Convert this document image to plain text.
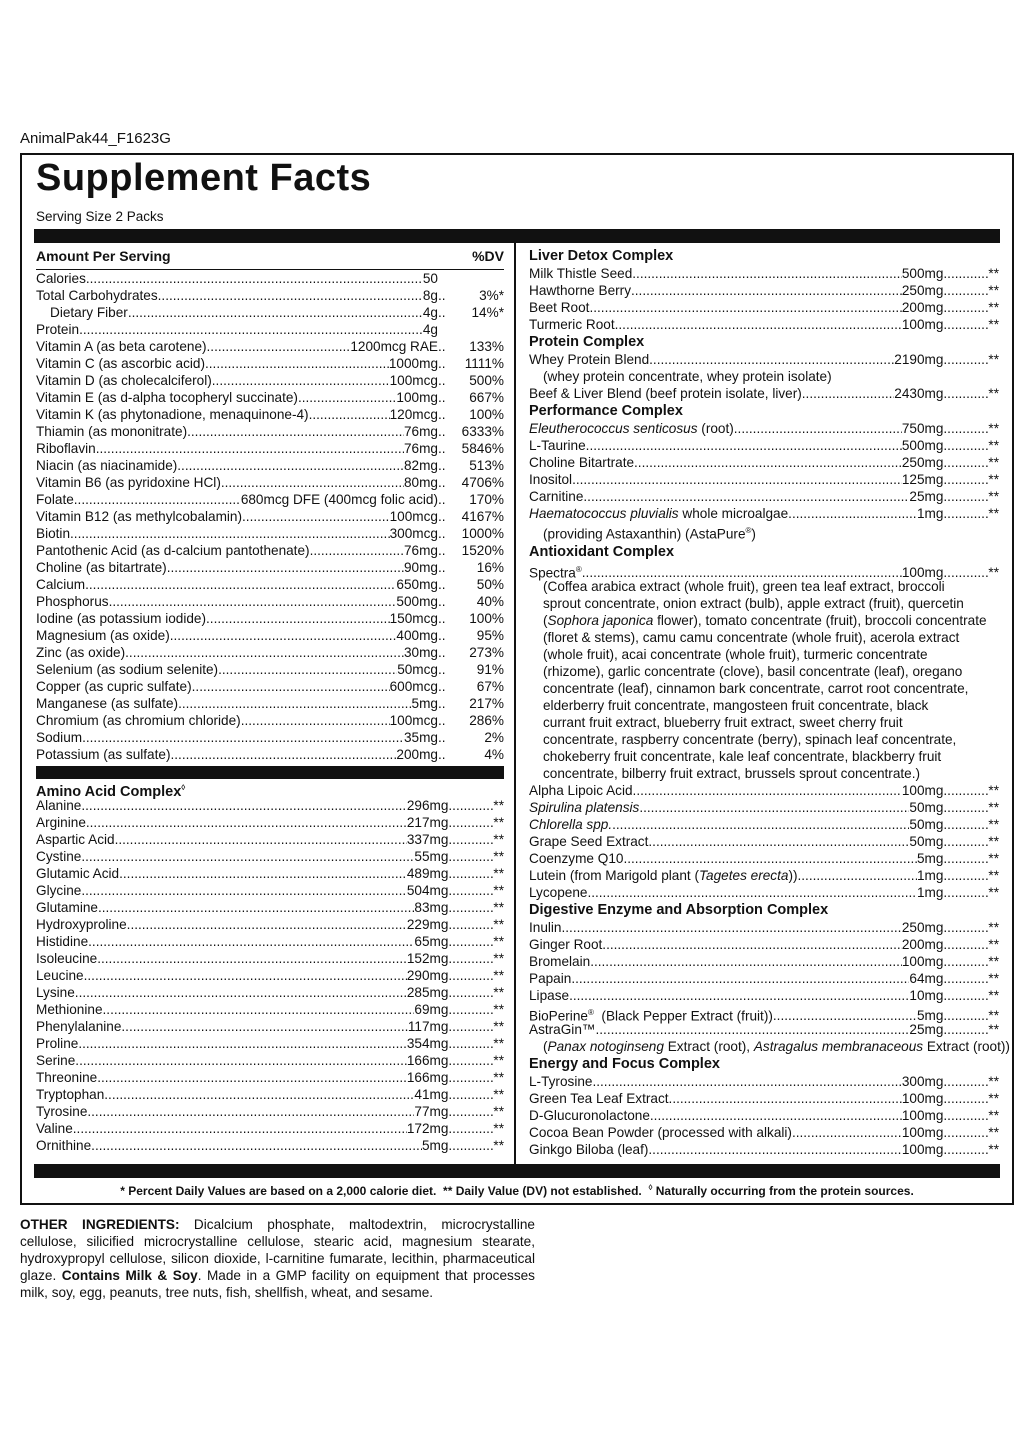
AnimalPak44_F1623G
Supplement Facts
Serving Size 2 Packs
Amount Per Serving	%DV
Calories .....	50
Total Carbohydrates .....	8g .....	3%*
Dietary Fiber .....	4g .....	14%*
Protein .....	4g
Vitamin A (as beta carotene) .....	1200mcg RAE .....	133%
Vitamin C (as ascorbic acid) .....	1000mg .....	1111%
Vitamin D (as cholecalciferol) .....	100mcg .....	500%
Vitamin E (as d-alpha tocopheryl succinate) .....	100mg .....	667%
Vitamin K (as phytonadione, menaquinone-4) .....	120mcg .....	100%
Thiamin (as mononitrate) .....	76mg .....	6333%
Riboflavin .....	76mg .....	5846%
Niacin (as niacinamide) .....	82mg .....	513%
Vitamin B6 (as pyridoxine HCl) .....	80mg .....	4706%
Folate .....	680mcg DFE (400mcg folic acid) .....	170%
Vitamin B12 (as methylcobalamin) .....	100mcg .....	4167%
Biotin .....	300mcg .....	1000%
Pantothenic Acid (as d-calcium pantothenate) .....	76mg .....	1520%
Choline (as bitartrate) .....	90mg .....	16%
Calcium .....	650mg .....	50%
Phosphorus .....	500mg .....	40%
Iodine (as potassium iodide) .....	150mcg .....	100%
Magnesium (as oxide) .....	400mg .....	95%
Zinc (as oxide) .....	30mg .....	273%
Selenium (as sodium selenite) .....	50mcg .....	91%
Copper (as cupric sulfate) .....	600mcg .....	67%
Manganese (as sulfate) .....	5mg .....	217%
Chromium (as chromium chloride) .....	100mcg .....	286%
Sodium .....	35mg .....	2%
Potassium (as sulfate) .....	200mg .....	4%
Amino Acid Complex◊
Alanine .....	296mg .....	**
Arginine .....	217mg .....	**
Aspartic Acid .....	337mg .....	**
Cystine .....	55mg .....	**
Glutamic Acid .....	489mg .....	**
Glycine .....	504mg .....	**
Glutamine .....	83mg .....	**
Hydroxyproline .....	229mg .....	**
Histidine .....	65mg .....	**
Isoleucine .....	152mg .....	**
Leucine .....	290mg .....	**
Lysine .....	285mg .....	**
Methionine .....	69mg .....	**
Phenylalanine .....	117mg .....	**
Proline .....	354mg .....	**
Serine .....	166mg .....	**
Threonine .....	166mg .....	**
Tryptophan .....	41mg .....	**
Tyrosine .....	77mg .....	**
Valine .....	172mg .....	**
Ornithine .....	5mg .....	**
Liver Detox Complex
Milk Thistle Seed .....	500mg .....	**
Hawthorne Berry .....	250mg .....	**
Beet Root .....	200mg .....	**
Turmeric Root .....	100mg .....	**
Protein Complex
Whey Protein Blend .....	2190mg .....	**
(whey protein concentrate, whey protein isolate)
Beef & Liver Blend (beef protein isolate, liver) .....	2430mg .....	**
Performance Complex
Eleutherococcus senticosus (root) .....	750mg .....	**
L-Taurine .....	500mg .....	**
Choline Bitartrate .....	250mg .....	**
Inositol .....	125mg .....	**
Carnitine .....	25mg .....	**
Haematococcus pluvialis whole microalgae .....	1mg .....	**
(providing Astaxanthin) (AstaPure®)
Antioxidant Complex
Spectra® .....	100mg .....	**
(Coffea arabica extract (whole fruit), green tea leaf extract, broccoli
sprout concentrate, onion extract (bulb), apple extract (fruit), quercetin
(Sophora japonica flower), tomato concentrate (fruit), broccoli concentrate
(floret & stems), camu camu concentrate (whole fruit), acerola extract
(whole fruit), acai concentrate (whole fruit), turmeric concentrate
(rhizome), garlic concentrate (clove), basil concentrate (leaf), oregano
concentrate (leaf), cinnamon bark concentrate, carrot root concentrate,
elderberry fruit concentrate, mangosteen fruit concentrate, black
currant fruit extract, blueberry fruit extract, sweet cherry fruit
concentrate, raspberry concentrate (berry), spinach leaf concentrate,
chokeberry fruit concentrate, kale leaf concentrate, blackberry fruit
concentrate, bilberry fruit extract, brussels sprout concentrate.)
Alpha Lipoic Acid .....	100mg .....	**
Spirulina platensis .....	50mg .....	**
Chlorella spp. .....	50mg .....	**
Grape Seed Extract .....	50mg .....	**
Coenzyme Q10 .....	5mg .....	**
Lutein (from Marigold plant (Tagetes erecta)) .....	1mg .....	**
Lycopene .....	1mg .....	**
Digestive Enzyme and Absorption Complex
Inulin .....	250mg .....	**
Ginger Root .....	200mg .....	**
Bromelain .....	100mg .....	**
Papain .....	64mg .....	**
Lipase .....	10mg .....	**
BioPerine®  (Black Pepper Extract (fruit)) .....	5mg .....	**
AstraGin™ .....	25mg .....	**
(Panax notoginseng Extract (root), Astragalus membranaceous Extract (root))
Energy and Focus Complex
L-Tyrosine .....	300mg .....	**
Green Tea Leaf Extract .....	100mg .....	**
D-Glucuronolactone .....	100mg .....	**
Cocoa Bean Powder (processed with alkali) .....	100mg .....	**
Ginkgo Biloba (leaf) .....	100mg .....	**
* Percent Daily Values are based on a 2,000 calorie diet.  ** Daily Value (DV) not established.  ◊ Naturally occurring from the protein sources.
OTHER INGREDIENTS: Dicalcium phosphate, maltodextrin, microcrystalline cellulose, silicified microcrystalline cellulose, stearic acid, magnesium stearate, hydroxypropyl cellulose, silicon dioxide, l-carnitine fumarate, lecithin, pharmaceutical glaze. Contains Milk & Soy. Made in a GMP facility on equipment that processes milk, soy, egg, peanuts, tree nuts, fish, shellfish, wheat, and sesame.
